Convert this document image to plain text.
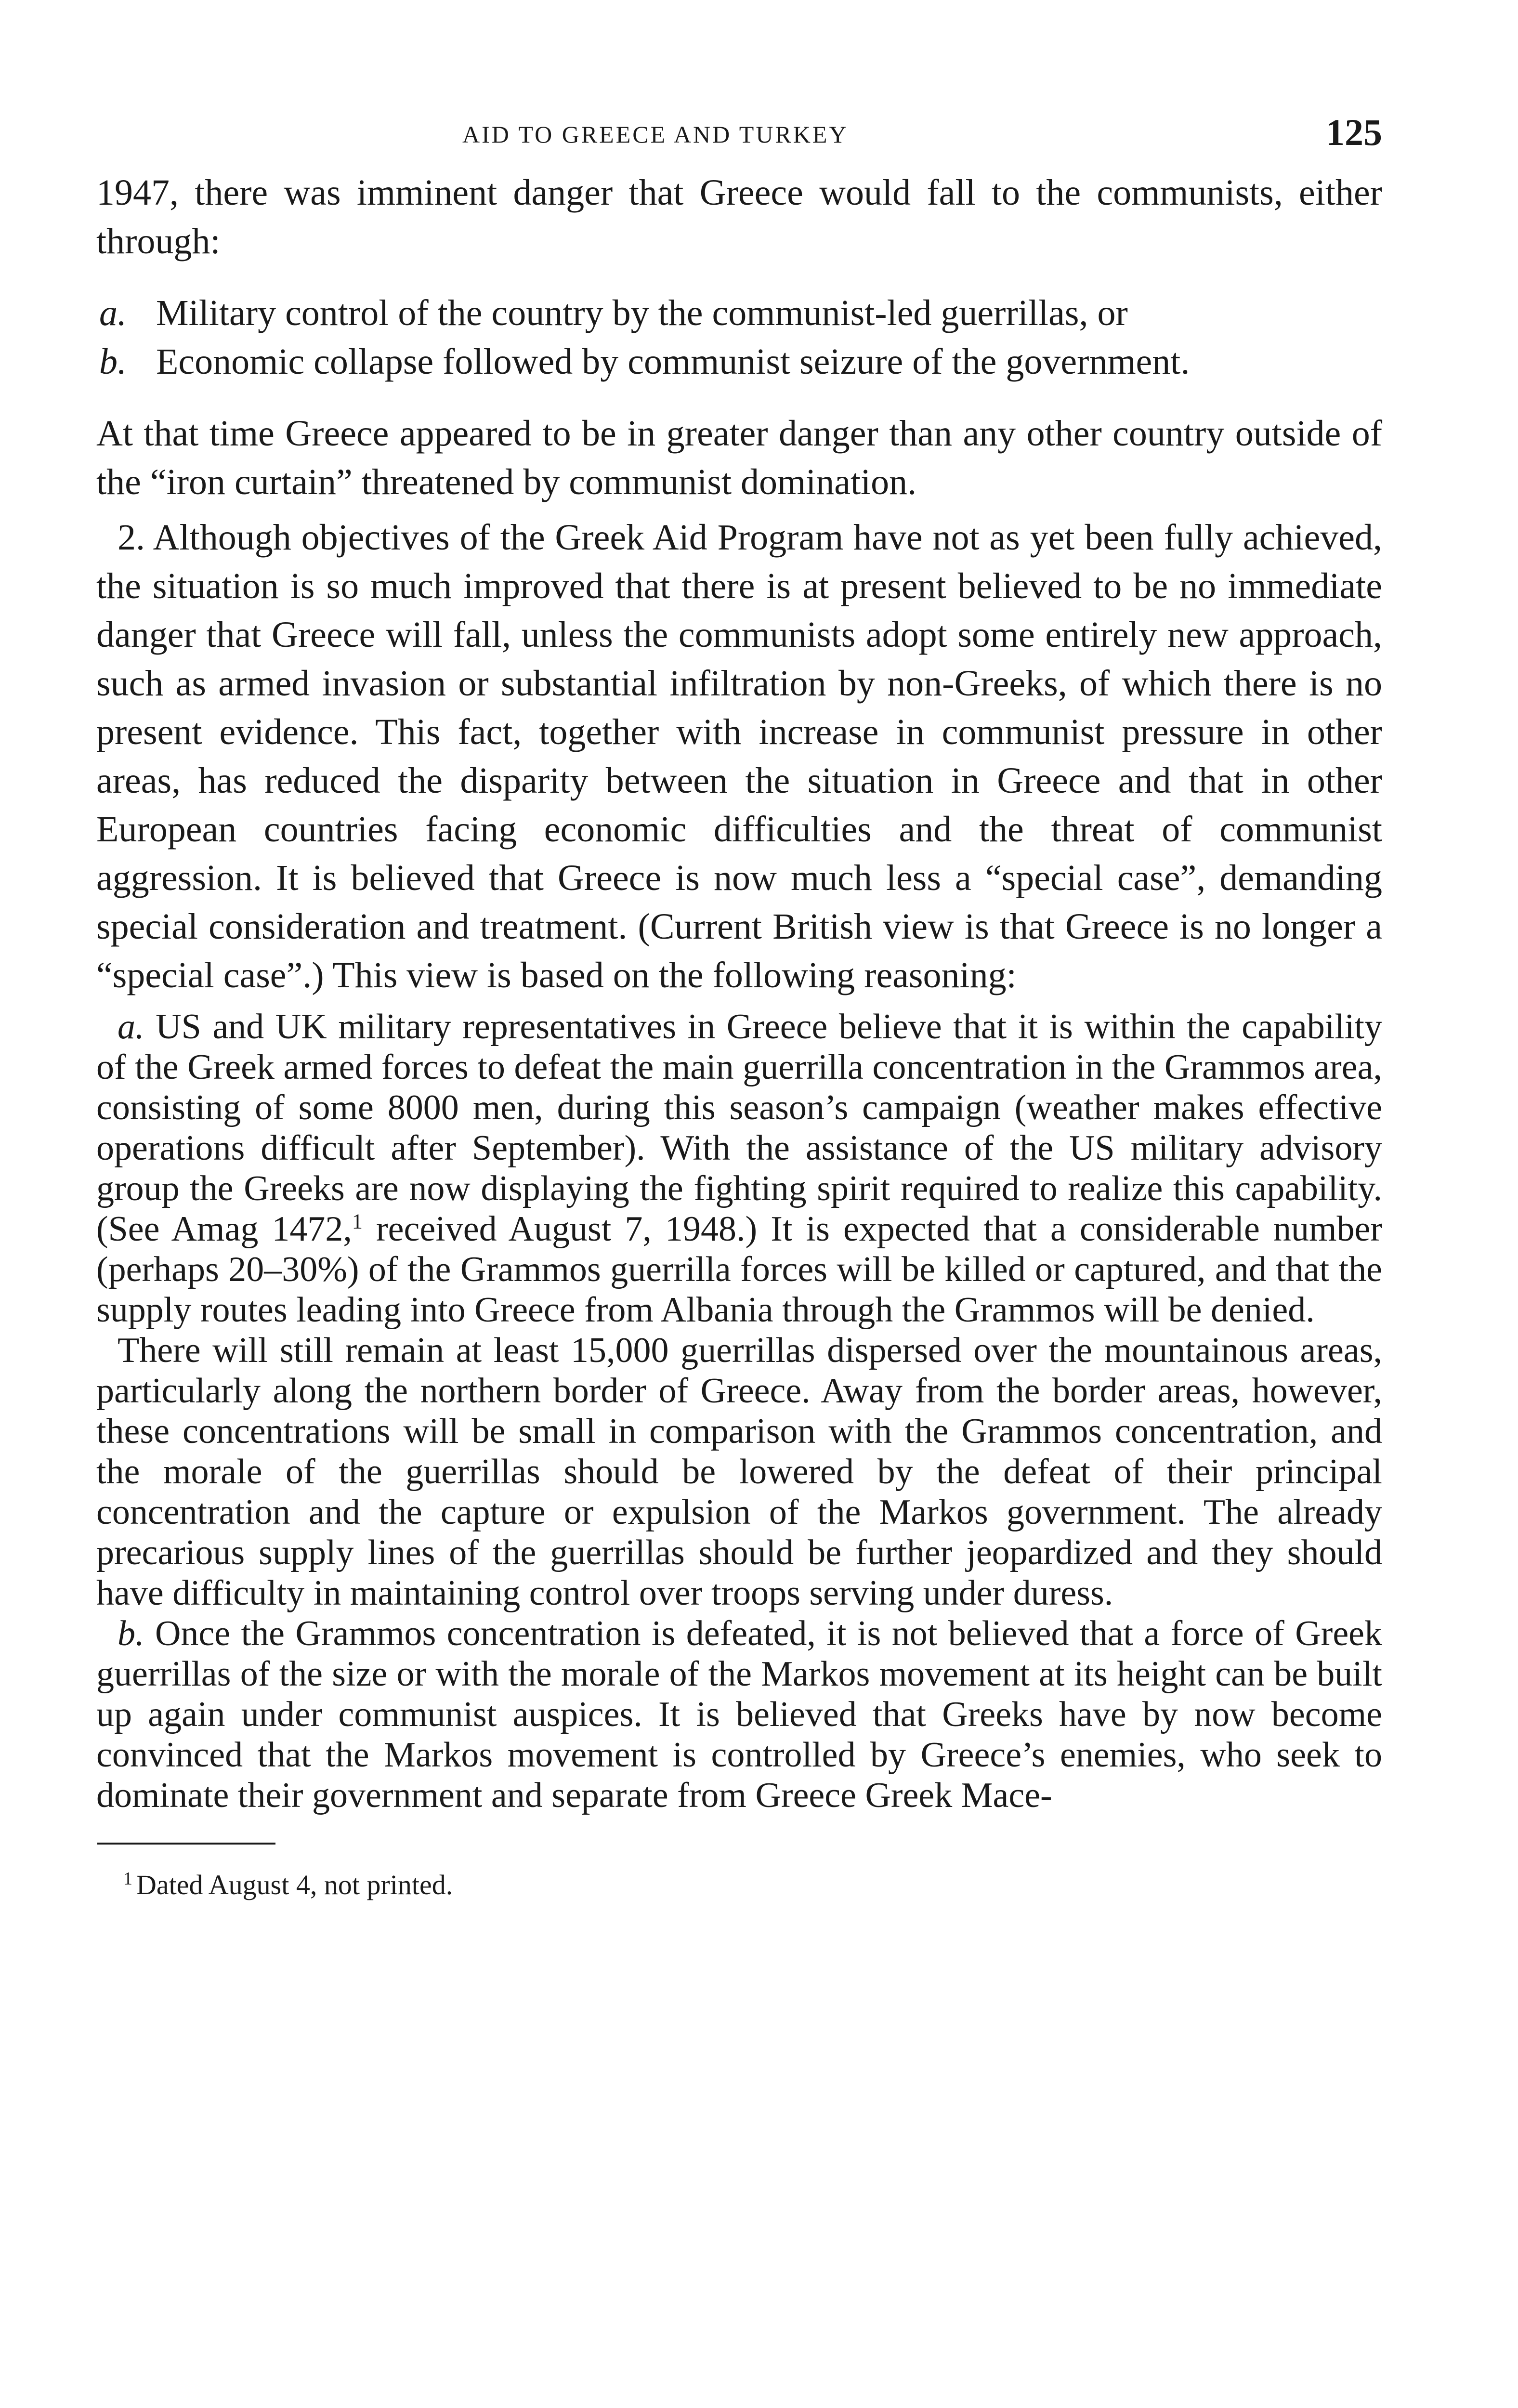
AID TO GREECE AND TURKEY	125

1947, there was imminent danger that Greece would fall to the communists, either through:

a. Military control of the country by the communist-led guerrillas, or

b. Economic collapse followed by communist seizure of the government.

At that time Greece appeared to be in greater danger than any other country outside of the “iron curtain” threatened by communist domination.

2. Although objectives of the Greek Aid Program have not as yet been fully achieved, the situation is so much improved that there is at present believed to be no immediate danger that Greece will fall, unless the communists adopt some entirely new approach, such as armed invasion or substantial infiltration by non-Greeks, of which there is no present evidence. This fact, together with increase in communist pressure in other areas, has reduced the disparity between the situation in Greece and that in other European countries facing economic difficulties and the threat of communist aggression. It is believed that Greece is now much less a “special case”, demanding special consideration and treatment. (Current British view is that Greece is no longer a “special case”.) This view is based on the following reasoning:

a. US and UK military representatives in Greece believe that it is within the capability of the Greek armed forces to defeat the main guerrilla concentration in the Grammos area, consisting of some 8000 men, during this season’s campaign (weather makes effective operations difficult after September). With the assistance of the US military advisory group the Greeks are now displaying the fighting spirit required to realize this capability. (See Amag 1472,$^1$ received August 7, 1948.) It is expected that a considerable number (perhaps 20–30%) of the Grammos guerrilla forces will be killed or captured, and that the supply routes leading into Greece from Albania through the Grammos will be denied.

There will still remain at least 15,000 guerrillas dispersed over the mountainous areas, particularly along the northern border of Greece. Away from the border areas, however, these concentrations will be small in comparison with the Grammos concentration, and the morale of the guerrillas should be lowered by the defeat of their principal concentration and the capture or expulsion of the Markos government. The already precarious supply lines of the guerrillas should be further jeopardized and they should have difficulty in maintaining control over troops serving under duress.

b. Once the Grammos concentration is defeated, it is not believed that a force of Greek guerrillas of the size or with the morale of the Markos movement at its height can be built up again under communist auspices. It is believed that Greeks have by now become convinced that the Markos movement is controlled by Greece’s enemies, who seek to dominate their government and separate from Greece Greek Mace-

$^1$ Dated August 4, not printed.
